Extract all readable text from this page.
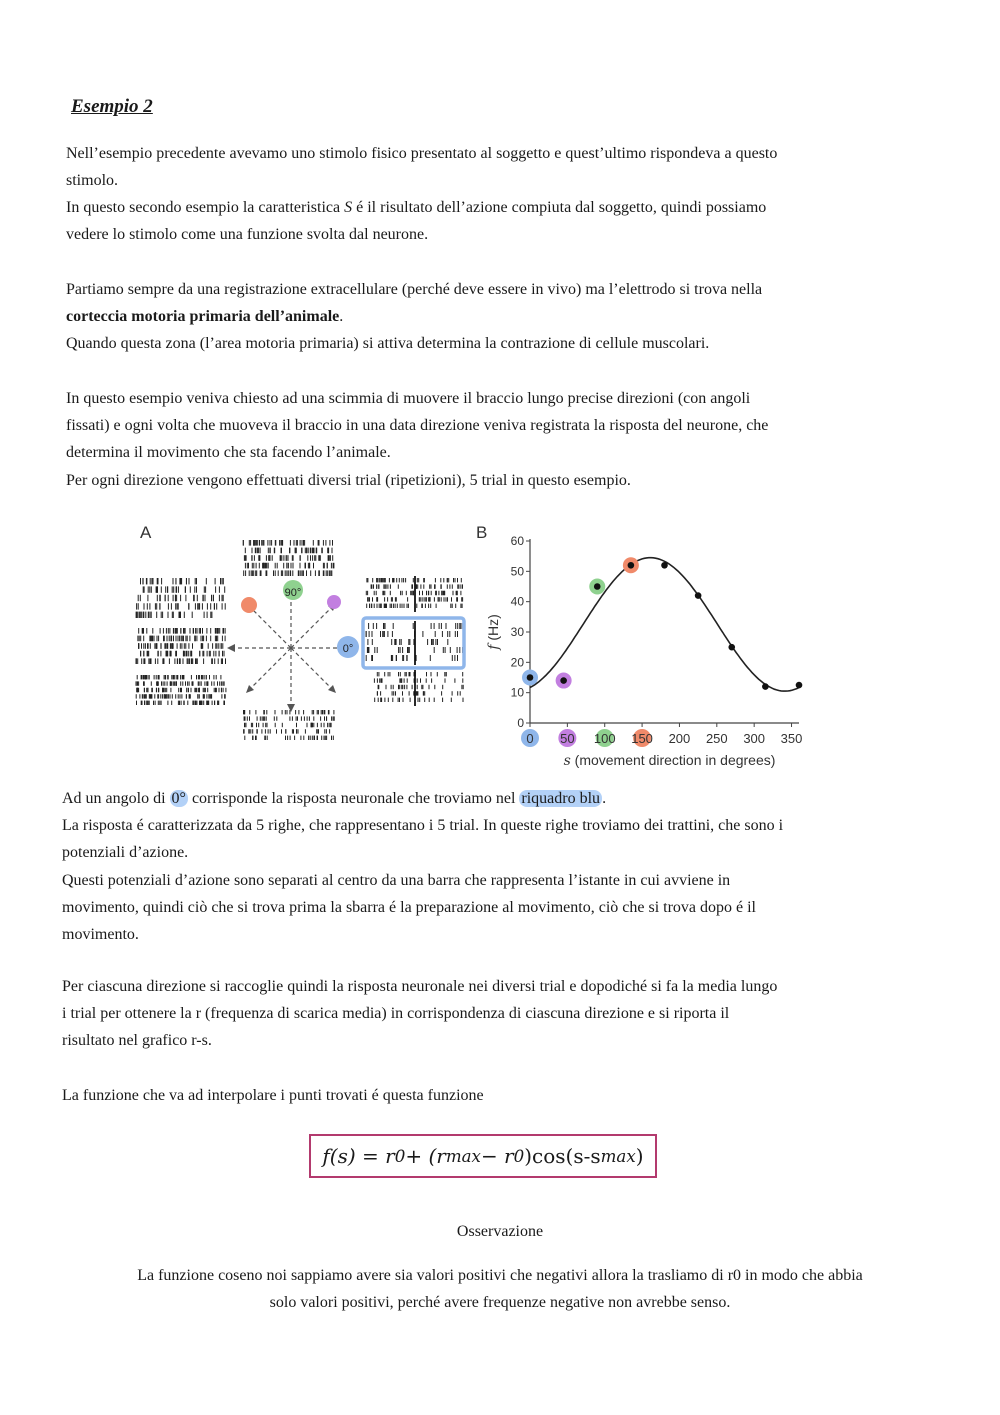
Esempio 2

Nell’esempio precedente avevamo uno stimolo fisico presentato al soggetto e quest’ultimo rispondeva a questo
stimolo.

In questo secondo esempio la caratteristica S é il risultato dell’azione compiuta dal soggetto, quindi possiamo
vedere lo stimolo come una funzione svolta dal neurone.

Partiamo sempre da una registrazione extracellulare (perché deve essere in vivo) ma l’elettrodo si trova nella
corteccia motoria primaria dell’animale.
Quando questa zona (l’area motoria primaria) si attiva determina la contrazione di cellule muscolari.

In questo esempio veniva chiesto ad una scimmia di muovere il braccio lungo precise direzioni (con angoli
fissati) e ogni volta che muoveva il braccio in una data direzione veniva registrata la risposta del neurone, che
determina il movimento che sta facendo l’animale.
Per ogni direzione vengono effettuati diversi trial (ripetizioni), 5 trial in questo esempio.

A	B
90°
0°
0
10
20
30
40
50
60
0 50 100 150 200 250 300 350
f (Hz)
s (movement direction in degrees)

Ad un angolo di 0° corrisponde la risposta neuronale che troviamo nel riquadro blu .
La risposta é caratterizzata da 5 righe, che rappresentano i 5 trial. In queste righe troviamo dei trattini, che sono i
potenziali d’azione.
Questi potenziali d’azione sono separati al centro da una barra che rappresenta l’istante in cui avviene in
movimento, quindi ciò che si trova prima la sbarra é la preparazione al movimento, ciò che si trova dopo é il
movimento.

Per ciascuna direzione si raccoglie quindi la risposta neuronale nei diversi trial e dopodiché si fa la media lungo
i trial per ottenere la r (frequenza di scarica media) in corrispondenza di ciascuna direzione e si riporta il
risultato nel grafico r-s.

La funzione che va ad interpolare i punti trovati é questa funzione

f(s) = r 0 + (r max − r 0 )cos(s-s max )
Osservazione
La funzione coseno noi sappiamo avere sia valori positivi che negativi allora la trasliamo di r0 in modo che abbia
solo valori positivi, perché avere frequenze negative non avrebbe senso.
